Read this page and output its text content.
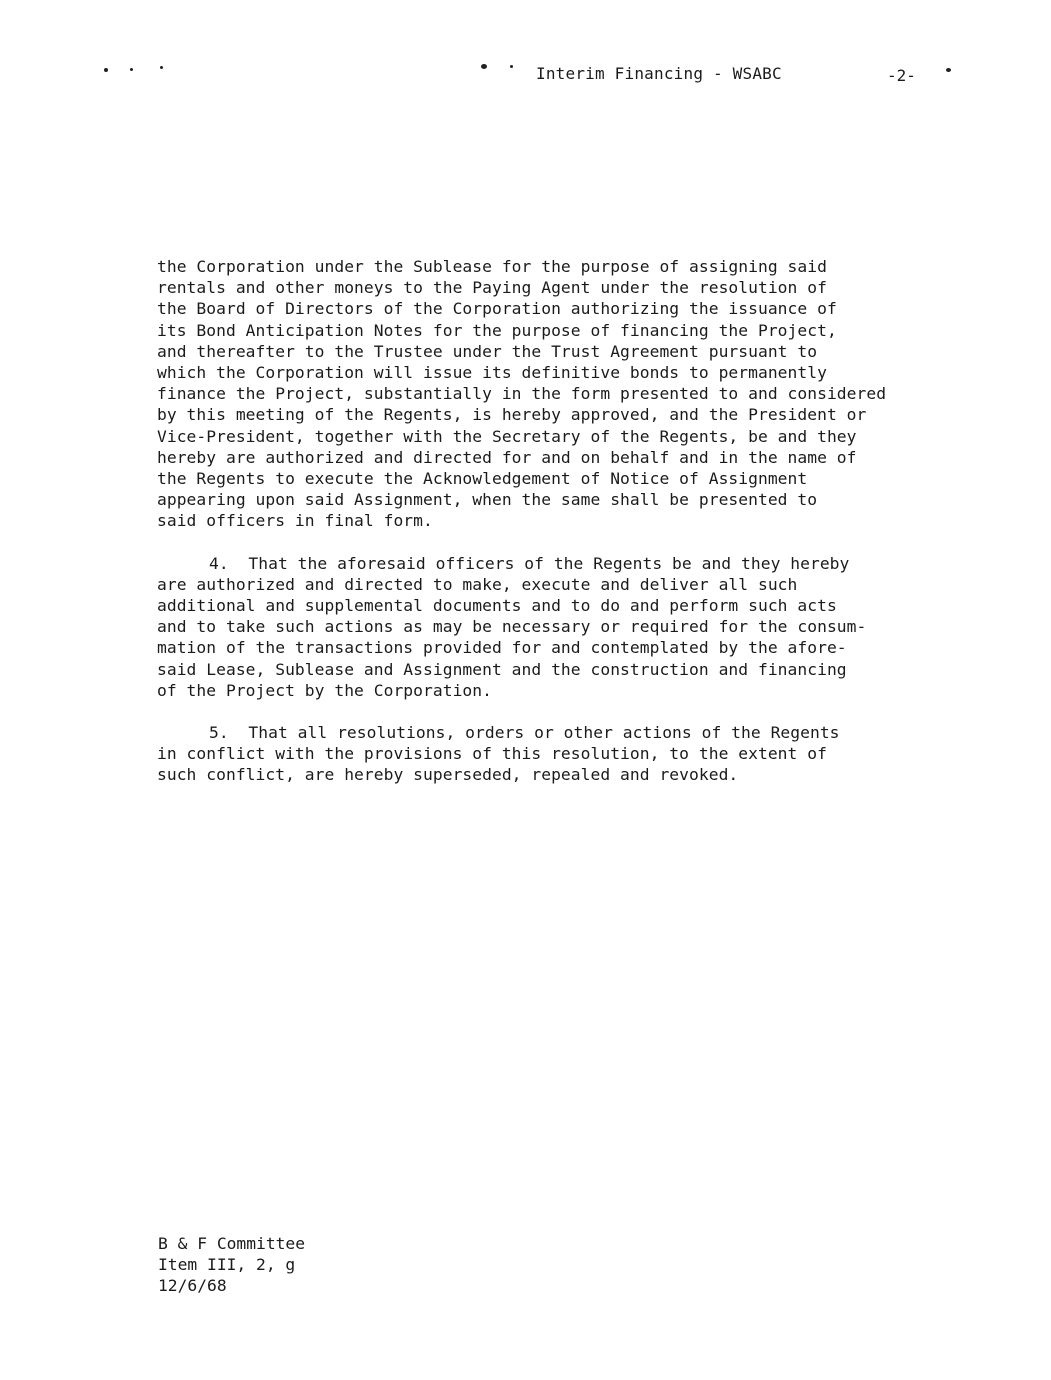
Interim Financing - WSABC	-2-

the Corporation under the Sublease for the purpose of assigning said
rentals and other moneys to the Paying Agent under the resolution of
the Board of Directors of the Corporation authorizing the issuance of
its Bond Anticipation Notes for the purpose of financing the Project,
and thereafter to the Trustee under the Trust Agreement pursuant to
which the Corporation will issue its definitive bonds to permanently
finance the Project, substantially in the form presented to and considered
by this meeting of the Regents, is hereby approved, and the President or
Vice-President, together with the Secretary of the Regents, be and they
hereby are authorized and directed for and on behalf and in the name of
the Regents to execute the Acknowledgement of Notice of Assignment
appearing upon said Assignment, when the same shall be presented to
said officers in final form.

4.  That the aforesaid officers of the Regents be and they hereby
are authorized and directed to make, execute and deliver all such
additional and supplemental documents and to do and perform such acts
and to take such actions as may be necessary or required for the consum-
mation of the transactions provided for and contemplated by the afore-
said Lease, Sublease and Assignment and the construction and financing
of the Project by the Corporation.

5.  That all resolutions, orders or other actions of the Regents
in conflict with the provisions of this resolution, to the extent of
such conflict, are hereby superseded, repealed and revoked.

B & F Committee
Item III, 2, g
12/6/68
